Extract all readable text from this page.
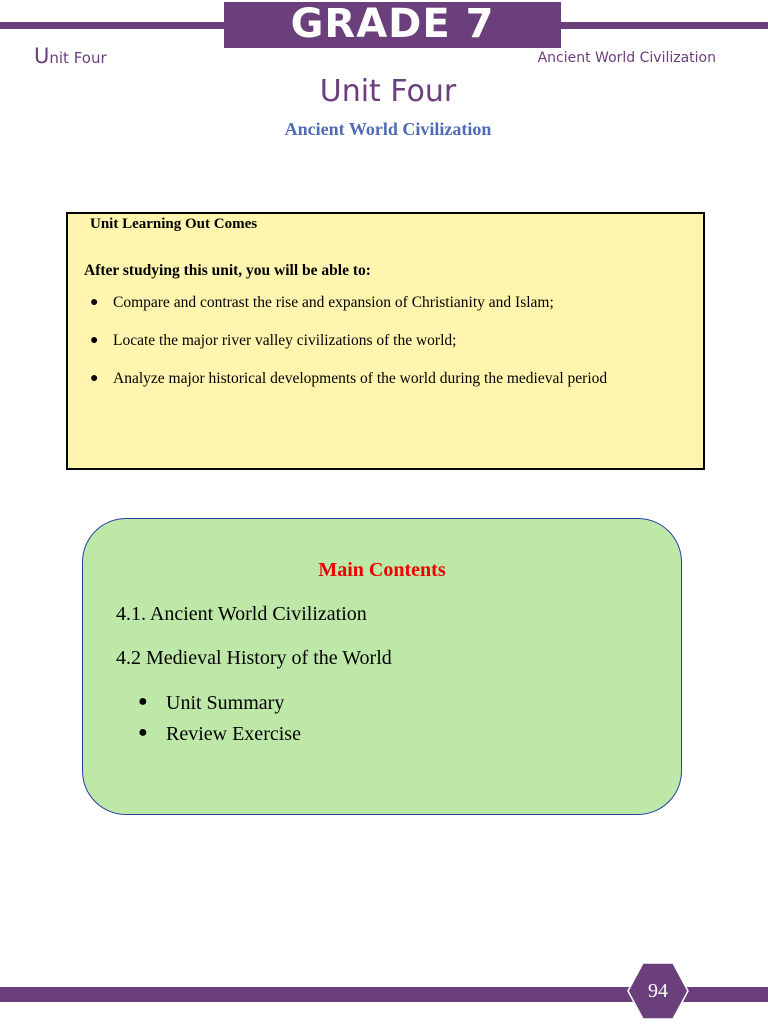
GRADE 7
Unit Four	Ancient World Civilization
Unit Four
Ancient World Civilization
Unit Learning Out Comes
After studying this unit, you will be able to:
● Compare and contrast the rise and expansion of Christianity and Islam;
● Locate the major river valley civilizations of the world;
● Analyze major historical developments of the world during the medieval period
Main Contents
4.1. Ancient World Civilization
4.2 Medieval History of the World
● Unit Summary
● Review Exercise
94
